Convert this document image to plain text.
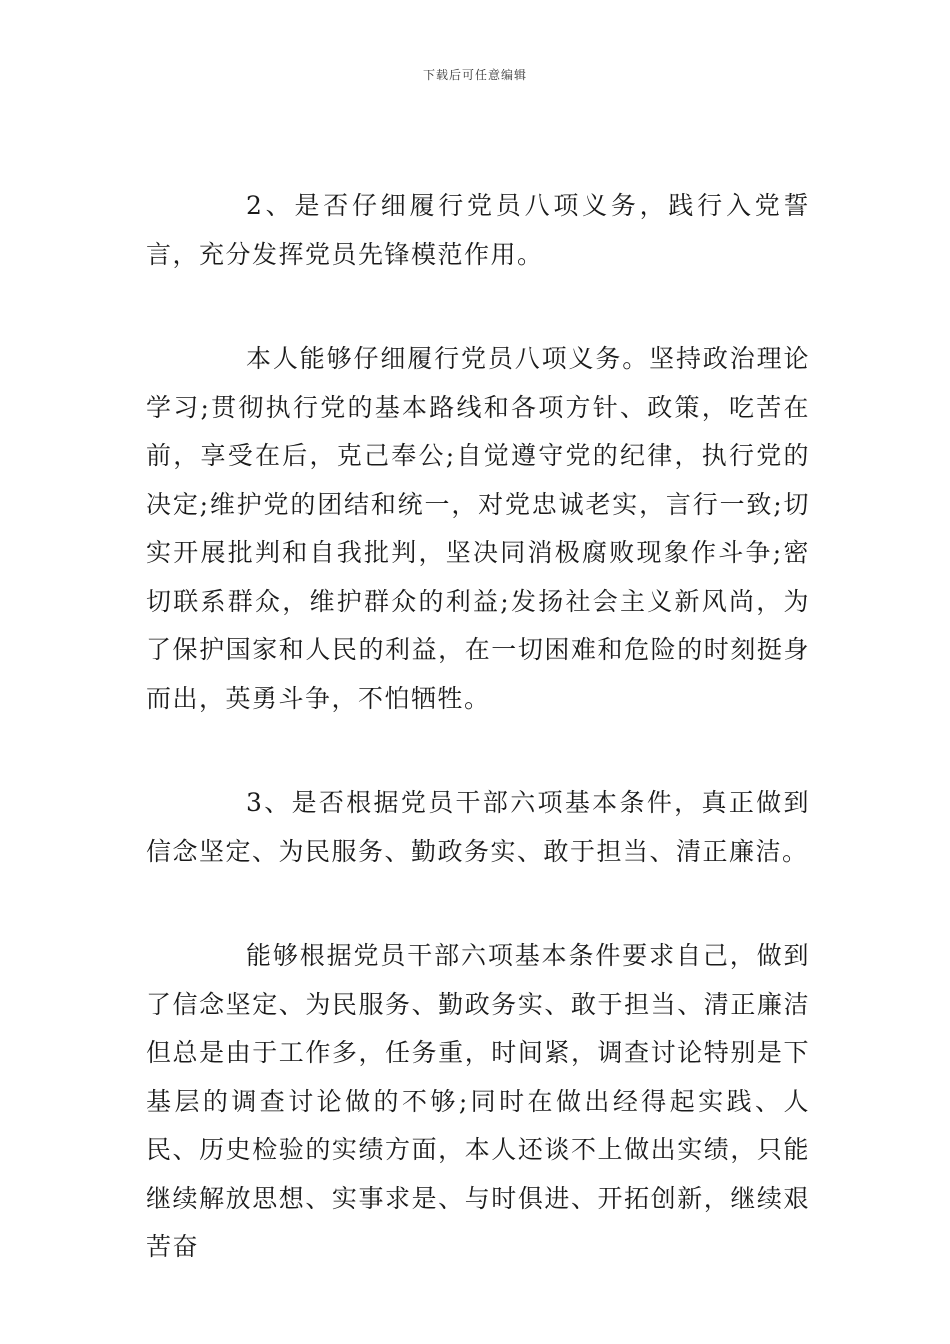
下载后可任意编辑

2、是否仔细履行党员八项义务，践行入党誓言，充分发挥党员先锋模范作用。

本人能够仔细履行党员八项义务。坚持政治理论学习;贯彻执行党的基本路线和各项方针、政策，吃苦在前，享受在后，克己奉公;自觉遵守党的纪律，执行党的决定;维护党的团结和统一，对党忠诚老实，言行一致;切实开展批判和自我批判，坚决同消极腐败现象作斗争;密切联系群众，维护群众的利益;发扬社会主义新风尚，为了保护国家和人民的利益，在一切困难和危险的时刻挺身而出，英勇斗争，不怕牺牲。

3、是否根据党员干部六项基本条件，真正做到信念坚定、为民服务、勤政务实、敢于担当、清正廉洁。

能够根据党员干部六项基本条件要求自己，做到了信念坚定、为民服务、勤政务实、敢于担当、清正廉洁但总是由于工作多，任务重，时间紧，调查讨论特别是下基层的调查讨论做的不够;同时在做出经得起实践、人民、历史检验的实绩方面，本人还谈不上做出实绩，只能继续解放思想、实事求是、与时俱进、开拓创新，继续艰苦奋
